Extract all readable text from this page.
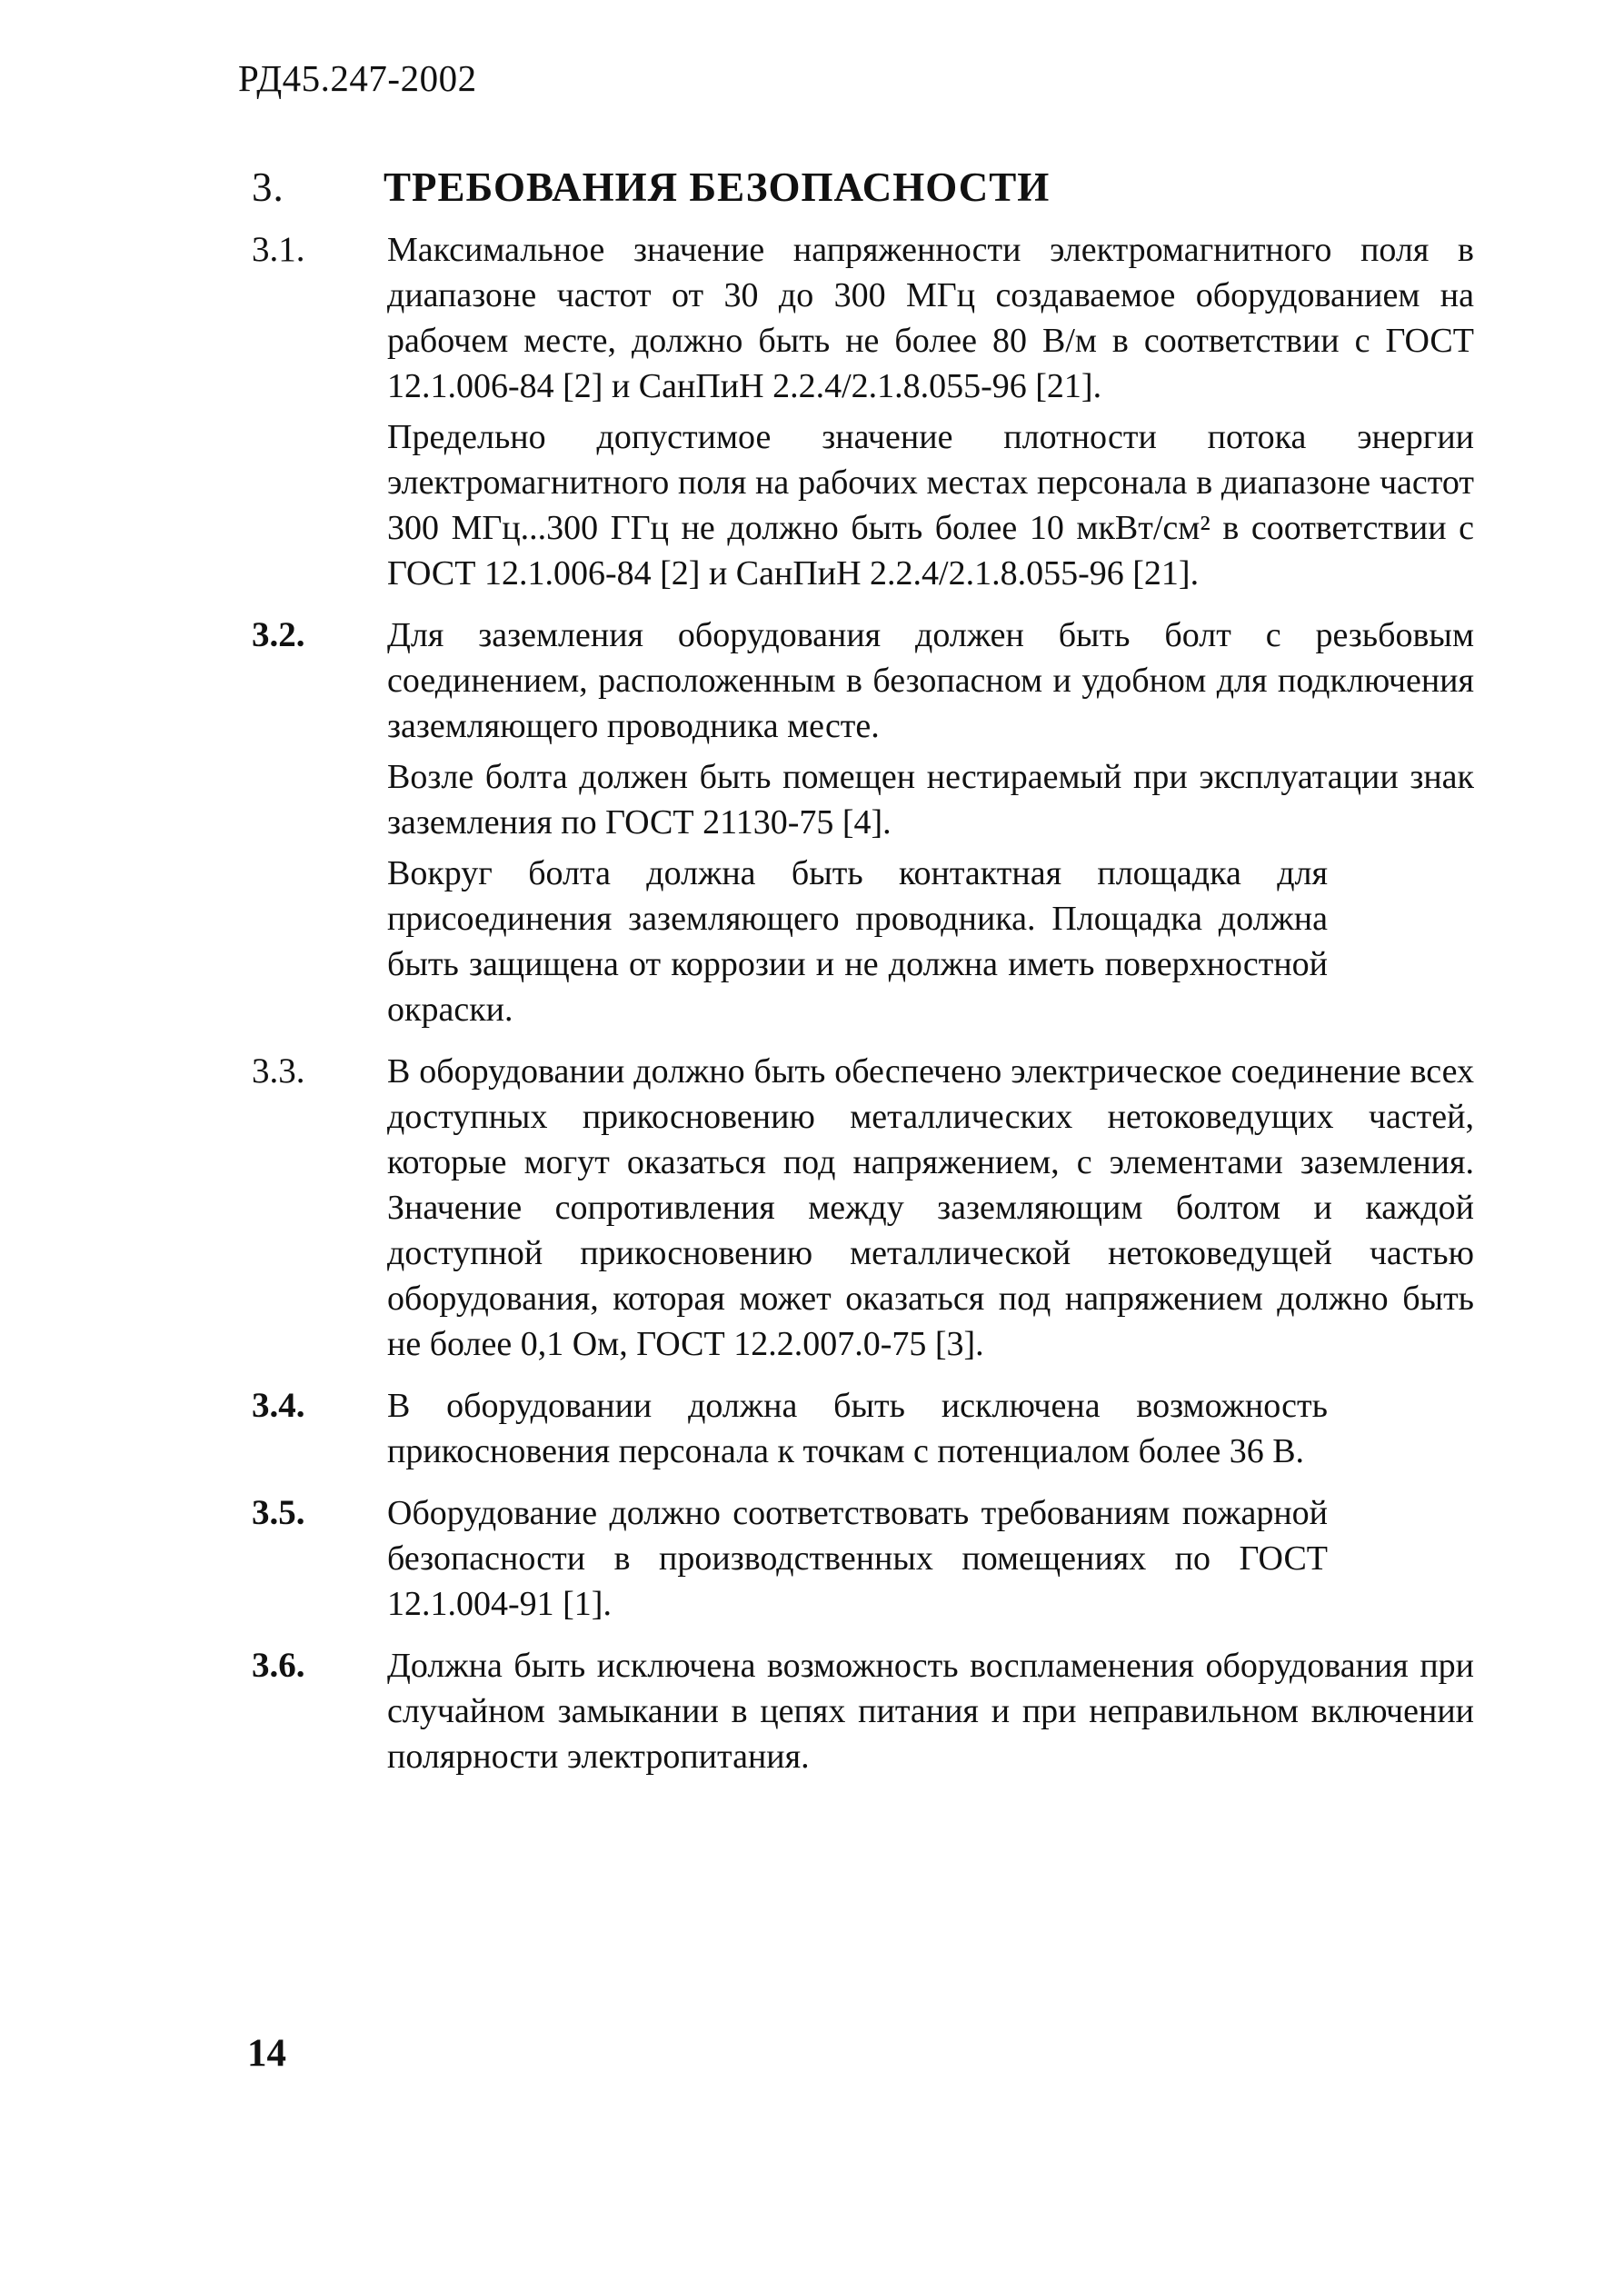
РД45.247-2002
3. ТРЕБОВАНИЯ БЕЗОПАСНОСТИ
3.1. Максимальное значение напряженности электромагнитного поля в диапазоне частот от 30 до 300 МГц создаваемое оборудованием на рабочем месте, должно быть не более 80 В/м в соответствии с ГОСТ 12.1.006-84 [2] и СанПиН 2.2.4/2.1.8.055-96 [21].

Предельно допустимое значение плотности потока энергии электромагнитного поля на рабочих местах персонала в диапазоне частот 300 МГц...300 ГГц не должно быть более 10 мкВт/см² в соответствии с ГОСТ 12.1.006-84 [2] и СанПиН 2.2.4/2.1.8.055-96 [21].

3.2. Для заземления оборудования должен быть болт с резьбовым соединением, расположенным в безопасном и удобном для подключения заземляющего проводника месте.

Возле болта должен быть помещен нестираемый при эксплуатации знак заземления по ГОСТ 21130-75 [4].

Вокруг болта должна быть контактная площадка для присоединения заземляющего проводника. Площадка должна быть защищена от коррозии и не должна иметь поверхностной окраски.

3.3. В оборудовании должно быть обеспечено электрическое соединение всех доступных прикосновению металлических нетоковедущих частей, которые могут оказаться под напряжением, с элементами заземления. Значение сопротивления между заземляющим болтом и каждой доступной прикосновению металлической нетоковедущей частью оборудования, которая может оказаться под напряжением должно быть не более 0,1 Ом, ГОСТ 12.2.007.0-75 [3].

3.4. В оборудовании должна быть исключена возможность прикосновения персонала к точкам с потенциалом более 36 В.

3.5. Оборудование должно соответствовать требованиям пожарной безопасности в производственных помещениях по ГОСТ 12.1.004-91 [1].

3.6. Должна быть исключена возможность воспламенения оборудования при случайном замыкании в цепях питания и при неправильном включении полярности электропитания.

14
